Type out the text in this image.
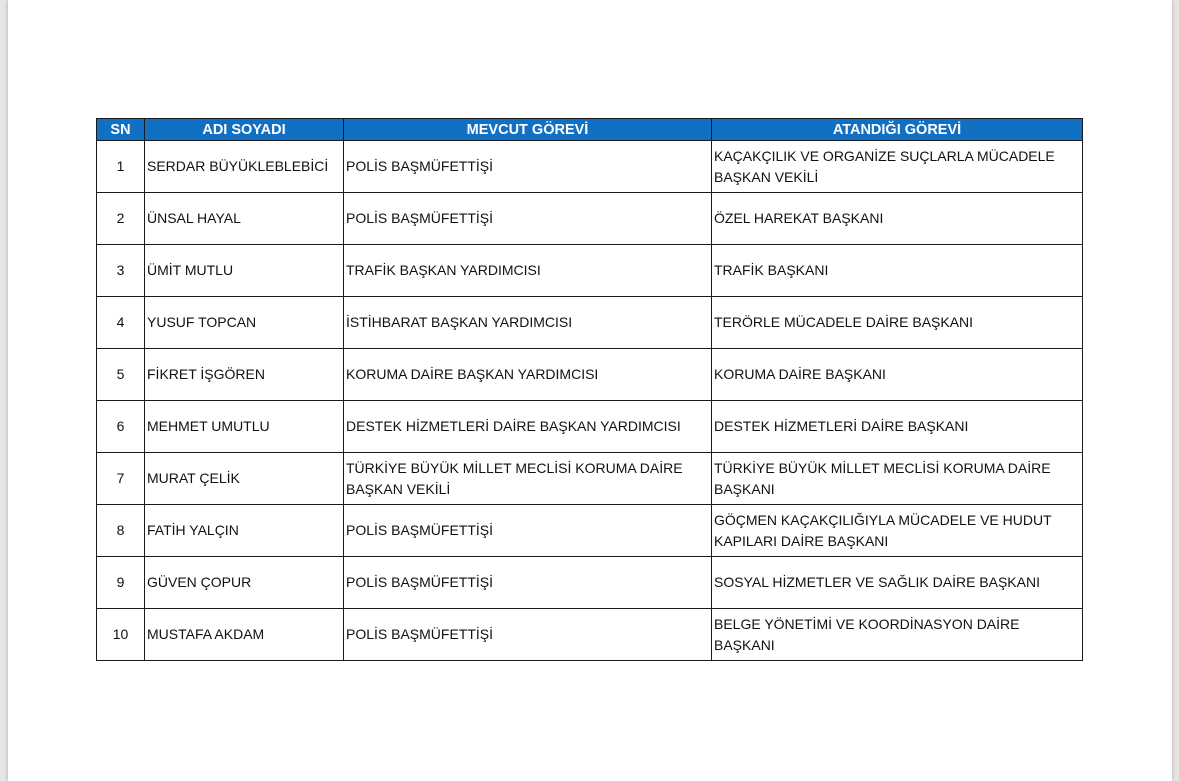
SN	ADI SOYADI	MEVCUT GÖREVİ	ATANDIĞI GÖREVİ
1	SERDAR BÜYÜKLEBLEBİCİ	POLİS BAŞMÜFETTİŞİ	KAÇAKÇILIK VE ORGANİZE SUÇLARLA MÜCADELE BAŞKAN VEKİLİ
2	ÜNSAL HAYAL	POLİS BAŞMÜFETTİŞİ	ÖZEL HAREKAT BAŞKANI
3	ÜMİT MUTLU	TRAFİK BAŞKAN YARDIMCISI	TRAFİK BAŞKANI
4	YUSUF TOPCAN	İSTİHBARAT BAŞKAN YARDIMCISI	TERÖRLE MÜCADELE DAİRE BAŞKANI
5	FİKRET İŞGÖREN	KORUMA DAİRE BAŞKAN YARDIMCISI	KORUMA DAİRE BAŞKANI
6	MEHMET UMUTLU	DESTEK HİZMETLERİ DAİRE BAŞKAN YARDIMCISI	DESTEK HİZMETLERİ DAİRE BAŞKANI
7	MURAT ÇELİK	TÜRKİYE BÜYÜK MİLLET MECLİSİ KORUMA DAİRE BAŞKAN VEKİLİ	TÜRKİYE BÜYÜK MİLLET MECLİSİ KORUMA DAİRE BAŞKANI
8	FATİH YALÇIN	POLİS BAŞMÜFETTİŞİ	GÖÇMEN KAÇAKÇILIĞIYLA MÜCADELE VE HUDUT KAPILARI DAİRE BAŞKANI
9	GÜVEN ÇOPUR	POLİS BAŞMÜFETTİŞİ	SOSYAL HİZMETLER VE SAĞLIK DAİRE BAŞKANI
10	MUSTAFA AKDAM	POLİS BAŞMÜFETTİŞİ	BELGE YÖNETİMİ VE KOORDİNASYON DAİRE BAŞKANI
